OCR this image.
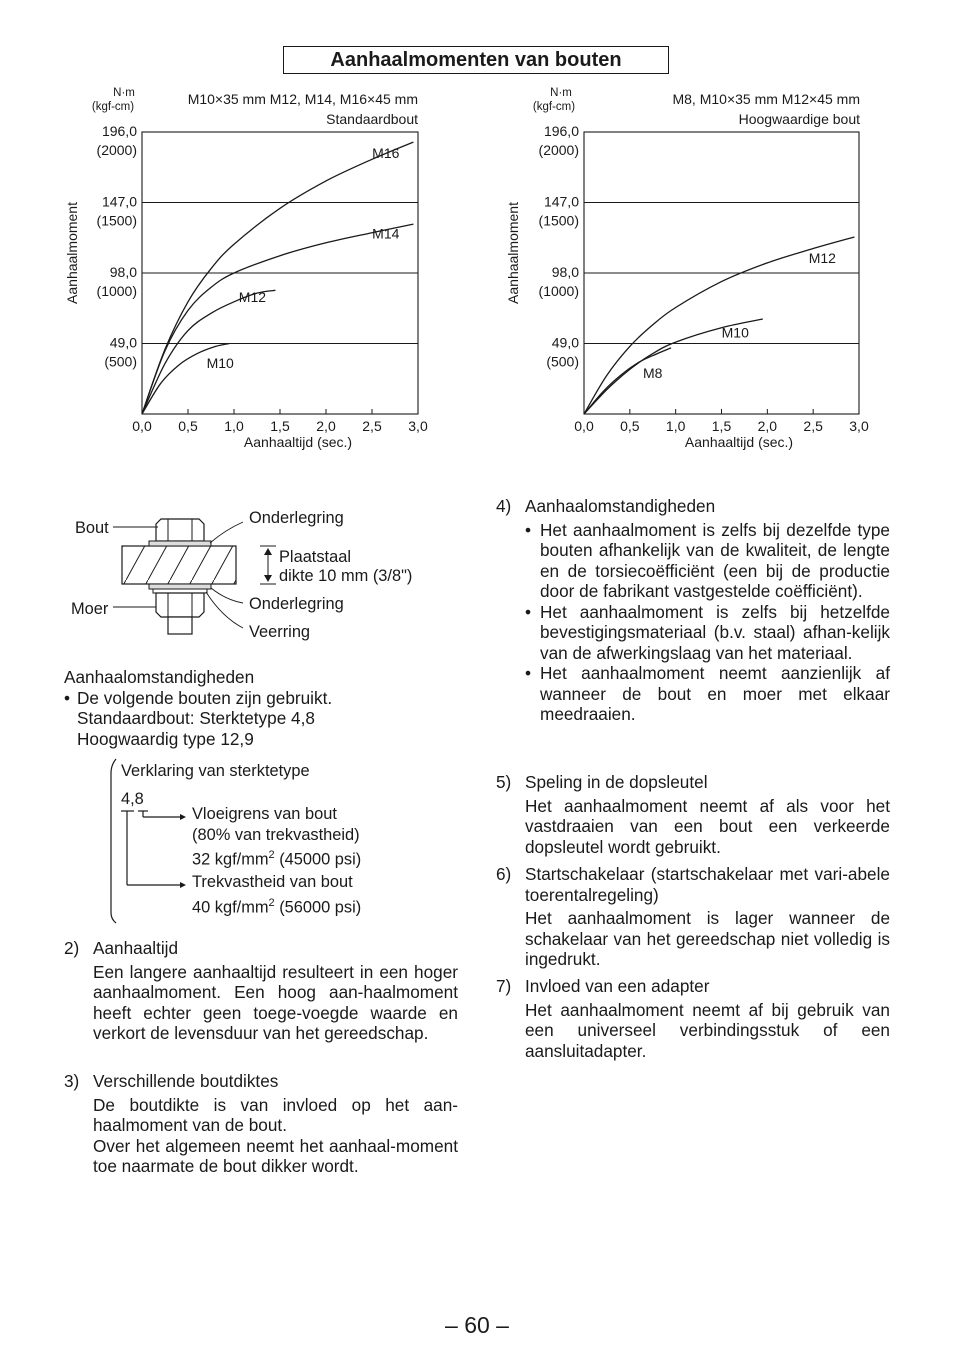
Aanhaalmomenten van bouten
N·m
(kgf-cm)	M10×35 mm M12, M14, M16×45 mm
Standaardbout
Aanhaalmoment
Aanhaaltijd (sec.)
196,0
(2000)
147,0
(1500)
98,0
(1000)
49,0
(500)
0,0 0,5 1,0 1,5 2,0 2,5 3,0
M16
M14
M12
M10
N·m
(kgf-cm)	M8, M10×35 mm M12×45 mm
Hoogwaardige bout
Aanhaalmoment
Aanhaaltijd (sec.)
196,0
(2000)
147,0
(1500)
98,0
(1000)
49,0
(500)
0,0 0,5 1,0 1,5 2,0 2,5 3,0
M12
M10
M8
Bout
Moer
Onderlegring
Plaatstaal
dikte 10 mm (3/8")
Onderlegring
Veerring
Aanhaalomstandigheden
• De volgende bouten zijn gebruikt.
Standaardbout: Sterktetype 4,8
Hoogwaardig type 12,9
Verklaring van sterktetype
4,8
Vloeigrens van bout
(80% van trekvastheid)
32 kgf/$mm^2$ (45000 psi)
Trekvastheid van bout
40 kgf/$mm^2$ (56000 psi)
2) Aanhaaltijd
Een langere aanhaaltijd resulteert in een hoger aanhaalmoment. Een hoog aan-haalmoment heeft echter geen toege-voegde waarde en verkort de levensduur van het gereedschap.
3) Verschillende boutdiktes
De boutdikte is van invloed op het aan-haalmoment van de bout.
Over het algemeen neemt het aanhaal-moment toe naarmate de bout dikker wordt.
4) Aanhaalomstandigheden
• Het aanhaalmoment is zelfs bij dezelfde type bouten afhankelijk van de kwaliteit, de lengte en de torsiecoëfficiënt (een bij de productie door de fabrikant vastgestelde coëfficiënt).
• Het aanhaalmoment is zelfs bij hetzelfde bevestigingsmateriaal (b.v. staal) afhan-kelijk van de afwerkingslaag van het materiaal.
• Het aanhaalmoment neemt aanzienlijk af wanneer de bout en moer met elkaar meedraaien.
5) Speling in de dopsleutel
Het aanhaalmoment neemt af als voor het vastdraaien van een bout een verkeerde dopsleutel wordt gebruikt.
6) Startschakelaar (startschakelaar met vari-abele toerentalregeling)
Het aanhaalmoment is lager wanneer de schakelaar van het gereedschap niet volledig is ingedrukt.
7) Invloed van een adapter
Het aanhaalmoment neemt af bij gebruik van een universeel verbindingsstuk of een aansluitadapter.
– 60 –
